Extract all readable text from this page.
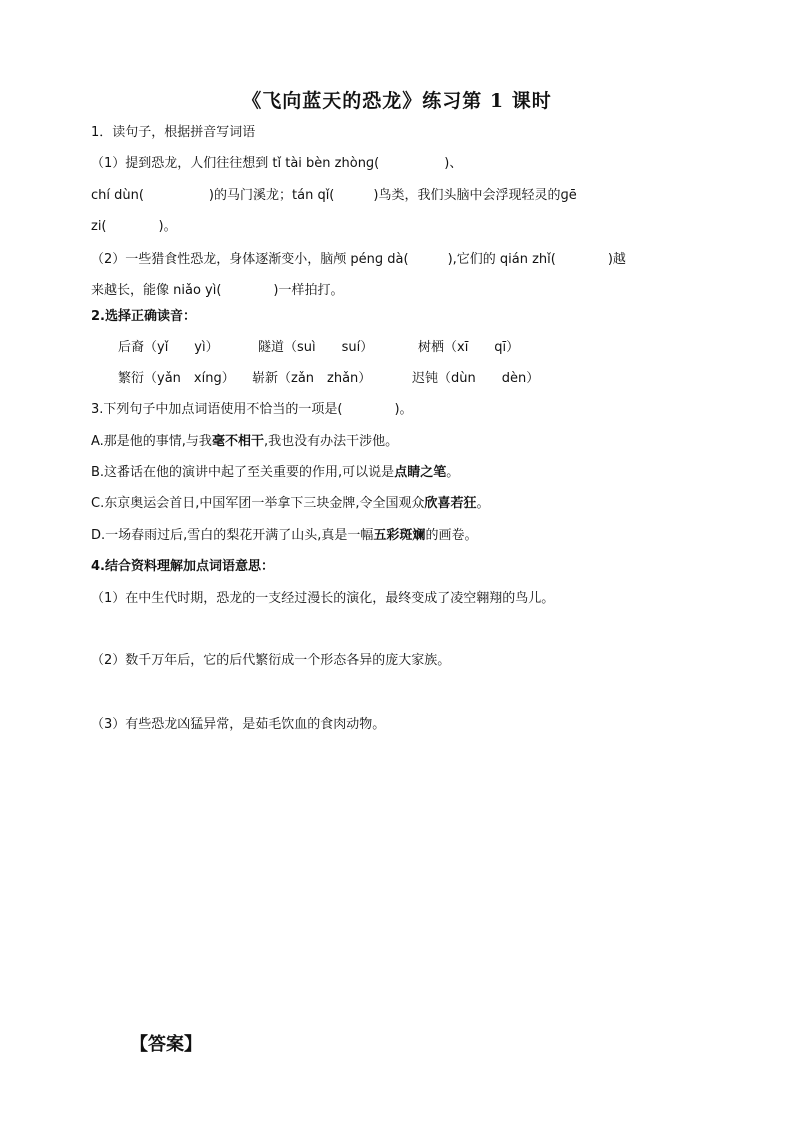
《飞向蓝天的恐龙》练习第 1 课时
1．读句子，根据拼音写词语
（1）提到恐龙，人们往往想到 tǐ tài bèn zhònɡ(　　　　　)、
chí dùn(　　　　　)的马门溪龙；tán qǐ(　　　)鸟类，我们头脑中会浮现轻灵的ɡē
zi(　　　　)。
（2）一些猎食性恐龙，身体逐渐变小，脑颅 pénɡ dà(　　　),它们的 qián zhǐ(　　　　)越
来越长，能像 niǎo yì(　　　　)一样拍打。
2.选择正确读音：
后裔（yǐ　　yì）	隧道（suì　　suí）	树栖（xī　　qī）
繁衍（yǎn　xíng） 崭新（zǎn　zhǎn）	迟钝（dùn　　dèn）
3.下列句子中加点词语使用不恰当的一项是(　　　　)。
A.那是他的事情,与我毫不相干,我也没有办法干涉他。
B.这番话在他的演讲中起了至关重要的作用,可以说是点睛之笔。
C.东京奥运会首日,中国军团一举拿下三块金牌,令全国观众欣喜若狂。
D.一场春雨过后,雪白的梨花开满了山头,真是一幅五彩斑斓的画卷。
4.结合资料理解加点词语意思：
（1）在中生代时期，恐龙的一支经过漫长的演化，最终变成了凌空翱翔的鸟儿。
（2）数千万年后，它的后代繁衍成一个形态各异的庞大家族。
（3）有些恐龙凶猛异常，是茹毛饮血的食肉动物。
【答案】
